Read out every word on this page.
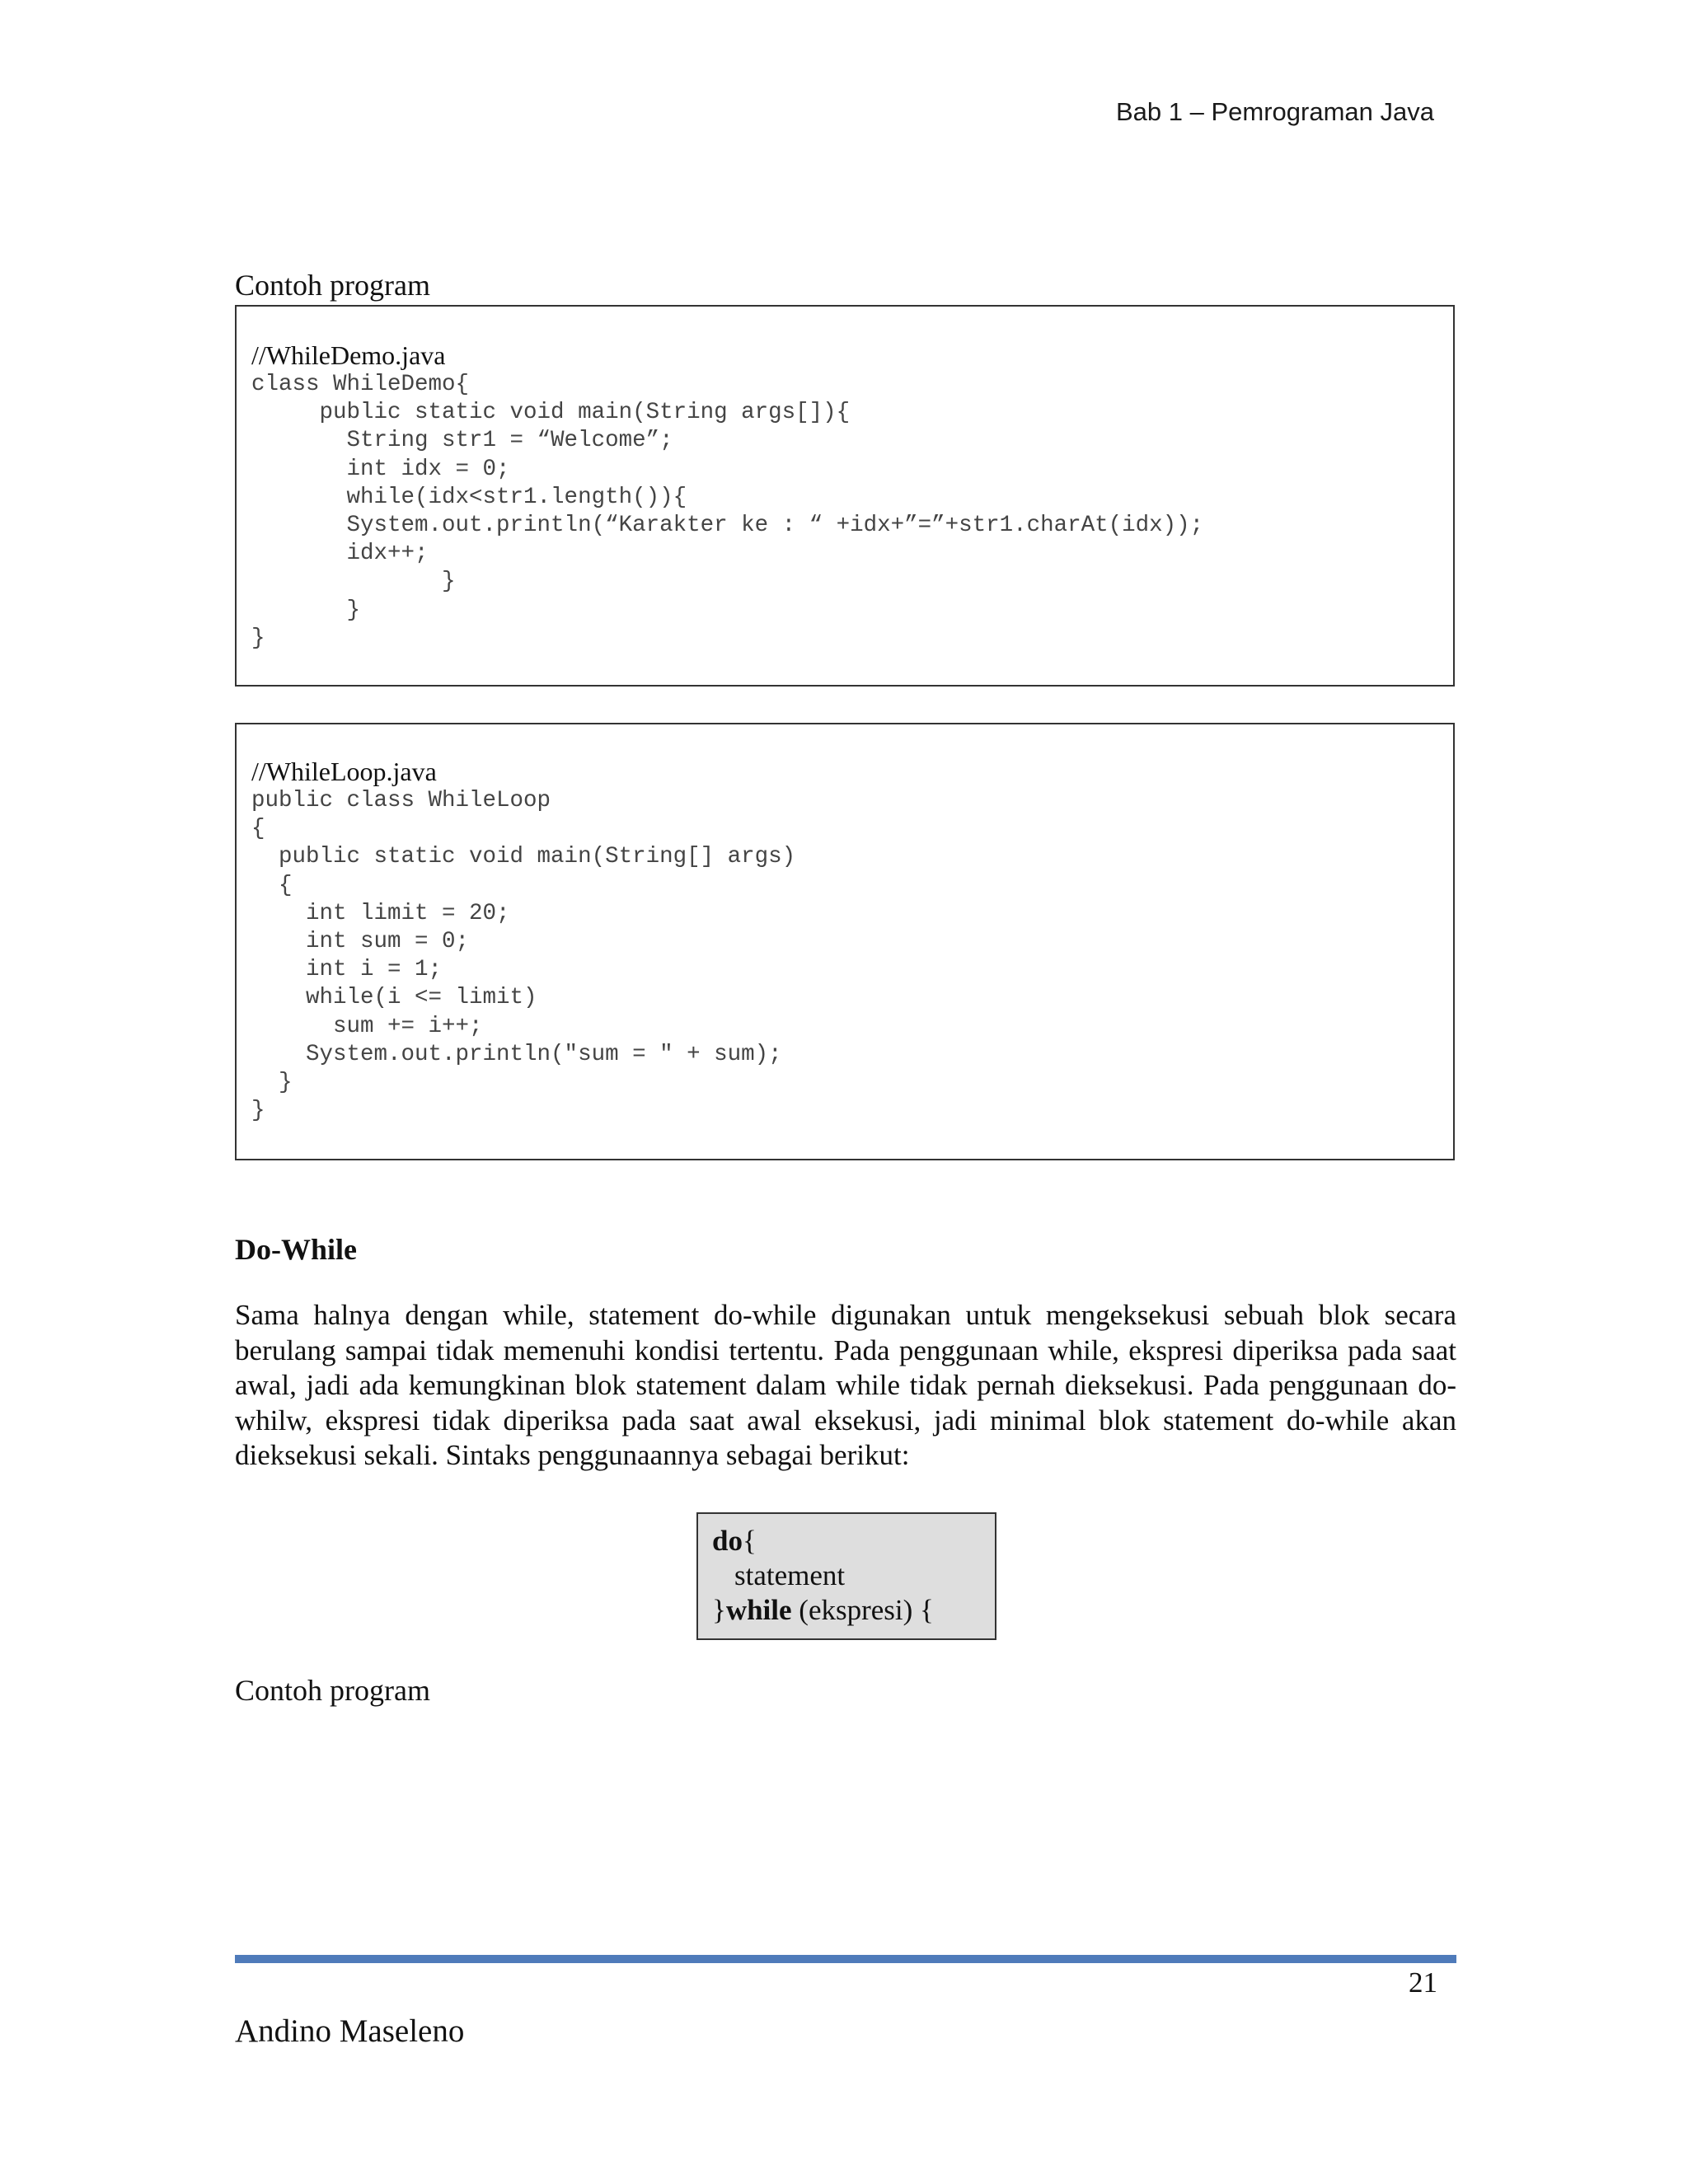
Bab 1 – Pemrograman Java
Contoh program
//WhileDemo.java
class WhileDemo{
public static void main(String args[]){
String str1 = “Welcome”;
int idx = 0;
while(idx<str1.length()){
System.out.println(“Karakter ke : “ +idx+”=”+str1.charAt(idx));
idx++;
}
}
}
//WhileLoop.java
public class WhileLoop
{
public static void main(String[] args)
{
int limit = 20;
int sum = 0;
int i = 1;
while(i <= limit)
sum += i++;
System.out.println("sum = " + sum);
}
}
Do-While
Sama halnya dengan while, statement do-while digunakan untuk mengeksekusi sebuah blok secara berulang sampai tidak memenuhi kondisi tertentu. Pada penggunaan while, ekspresi diperiksa pada saat awal, jadi ada kemungkinan blok statement dalam while tidak pernah dieksekusi. Pada penggunaan do-whilw, ekspresi tidak diperiksa pada saat awal eksekusi, jadi minimal blok statement do-while akan dieksekusi sekali. Sintaks penggunaannya sebagai berikut:
do{
statement
}while (ekspresi) {
Contoh program
21
Andino Maseleno
